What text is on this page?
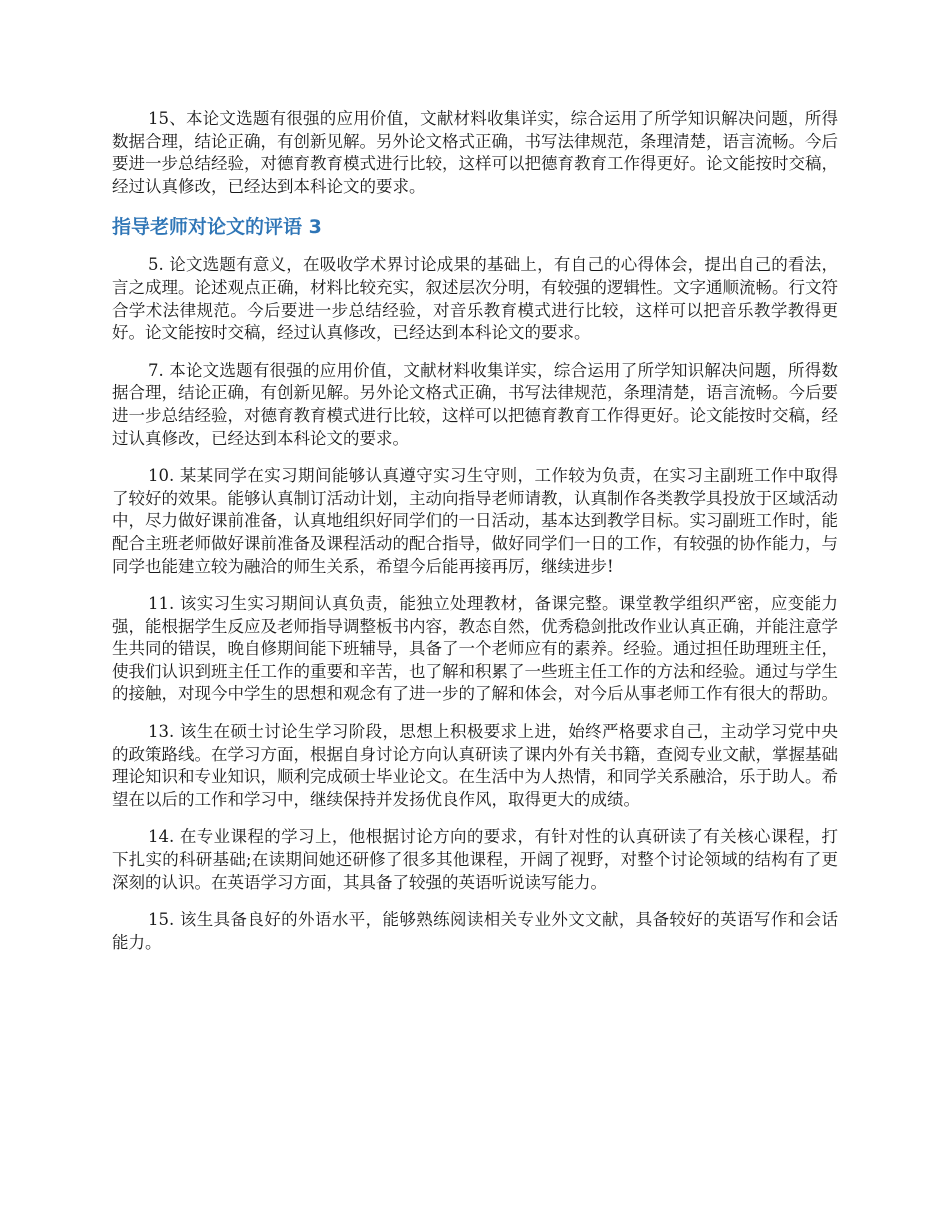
15、本论文选题有很强的应用价值，文献材料收集详实，综合运用了所学知识解决问题，所得数据合理，结论正确，有创新见解。另外论文格式正确，书写法律规范，条理清楚，语言流畅。今后要进一步总结经验，对德育教育模式进行比较，这样可以把德育教育工作得更好。论文能按时交稿，经过认真修改，已经达到本科论文的要求。

指导老师对论文的评语 3

5. 论文选题有意义，在吸收学术界讨论成果的基础上，有自己的心得体会，提出自己的看法，言之成理。论述观点正确，材料比较充实，叙述层次分明，有较强的逻辑性。文字通顺流畅。行文符合学术法律规范。今后要进一步总结经验，对音乐教育模式进行比较，这样可以把音乐教学教得更好。论文能按时交稿，经过认真修改，已经达到本科论文的要求。

7. 本论文选题有很强的应用价值，文献材料收集详实，综合运用了所学知识解决问题，所得数据合理，结论正确，有创新见解。另外论文格式正确，书写法律规范，条理清楚，语言流畅。今后要进一步总结经验，对德育教育模式进行比较，这样可以把德育教育工作得更好。论文能按时交稿，经过认真修改，已经达到本科论文的要求。

10. 某某同学在实习期间能够认真遵守实习生守则，工作较为负责，在实习主副班工作中取得了较好的效果。能够认真制订活动计划，主动向指导老师请教，认真制作各类教学具投放于区域活动中，尽力做好课前准备，认真地组织好同学们的一日活动，基本达到教学目标。实习副班工作时，能配合主班老师做好课前准备及课程活动的配合指导，做好同学们一日的工作，有较强的协作能力，与同学也能建立较为融洽的师生关系，希望今后能再接再厉，继续进步!

11. 该实习生实习期间认真负责，能独立处理教材，备课完整。课堂教学组织严密，应变能力强，能根据学生反应及老师指导调整板书内容，教态自然，优秀稳剑批改作业认真正确，并能注意学生共同的错误，晚自修期间能下班辅导，具备了一个老师应有的素养。经验。通过担任助理班主任，使我们认识到班主任工作的重要和辛苦，也了解和积累了一些班主任工作的方法和经验。通过与学生的接触，对现今中学生的思想和观念有了进一步的了解和体会，对今后从事老师工作有很大的帮助。

13. 该生在硕士讨论生学习阶段，思想上积极要求上进，始终严格要求自己，主动学习党中央的政策路线。在学习方面，根据自身讨论方向认真研读了课内外有关书籍，查阅专业文献，掌握基础理论知识和专业知识，顺利完成硕士毕业论文。在生活中为人热情，和同学关系融洽，乐于助人。希望在以后的工作和学习中，继续保持并发扬优良作风，取得更大的成绩。

14. 在专业课程的学习上，他根据讨论方向的要求，有针对性的认真研读了有关核心课程，打下扎实的科研基础;在读期间她还研修了很多其他课程，开阔了视野，对整个讨论领域的结构有了更深刻的认识。在英语学习方面，其具备了较强的英语听说读写能力。

15. 该生具备良好的外语水平，能够熟练阅读相关专业外文文献，具备较好的英语写作和会话能力。
